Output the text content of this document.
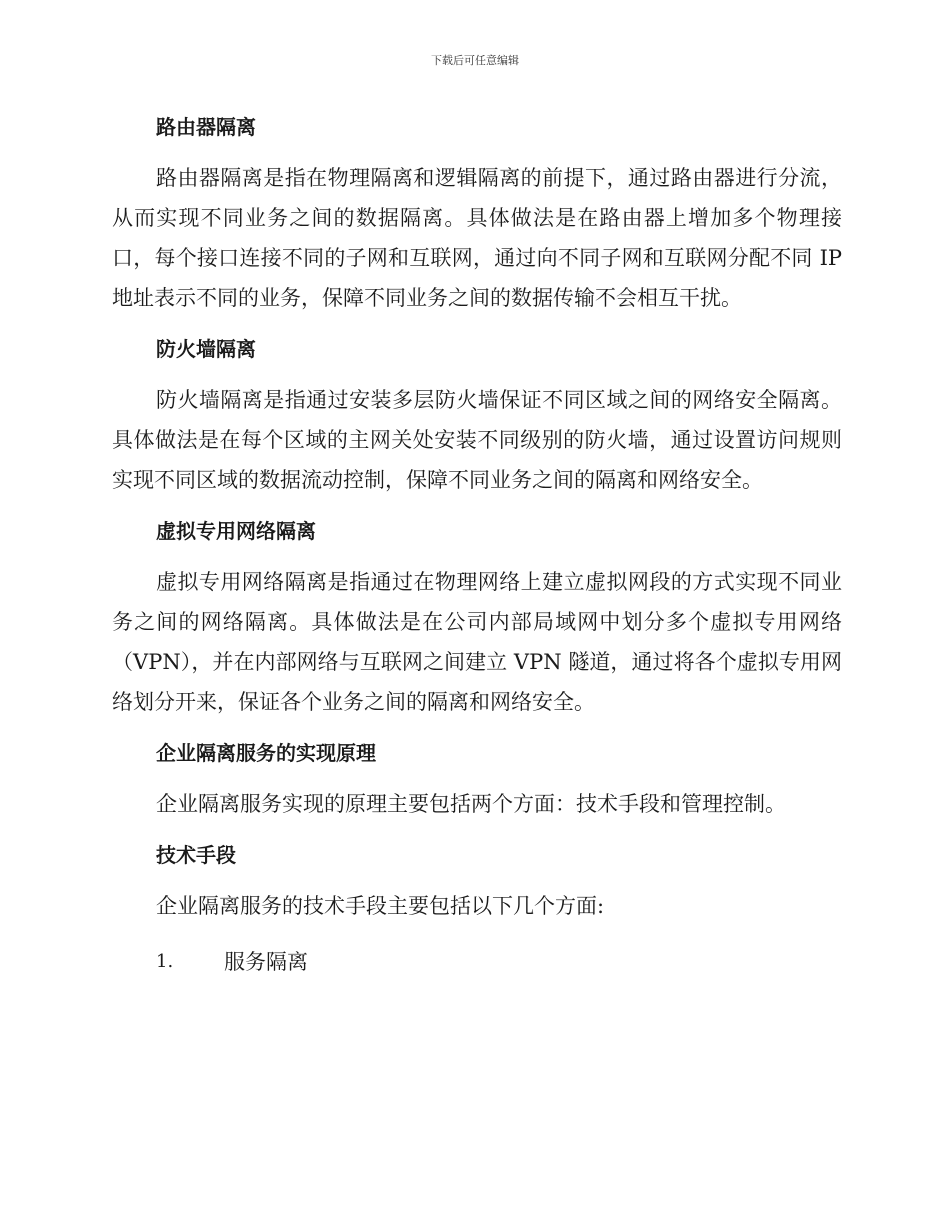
下载后可任意编辑
路由器隔离

路由器隔离是指在物理隔离和逻辑隔离的前提下，通过路由器进行分流，从而实现不同业务之间的数据隔离。具体做法是在路由器上增加多个物理接口，每个接口连接不同的子网和互联网，通过向不同子网和互联网分配不同 IP 地址表示不同的业务，保障不同业务之间的数据传输不会相互干扰。

防火墙隔离

防火墙隔离是指通过安装多层防火墙保证不同区域之间的网络安全隔离。具体做法是在每个区域的主网关处安装不同级别的防火墙，通过设置访问规则实现不同区域的数据流动控制，保障不同业务之间的隔离和网络安全。

虚拟专用网络隔离

虚拟专用网络隔离是指通过在物理网络上建立虚拟网段的方式实现不同业务之间的网络隔离。具体做法是在公司内部局域网中划分多个虚拟专用网络（VPN），并在内部网络与互联网之间建立 VPN 隧道，通过将各个虚拟专用网络划分开来，保证各个业务之间的隔离和网络安全。

企业隔离服务的实现原理

企业隔离服务实现的原理主要包括两个方面：技术手段和管理控制。

技术手段

企业隔离服务的技术手段主要包括以下几个方面:

1.	服务隔离
